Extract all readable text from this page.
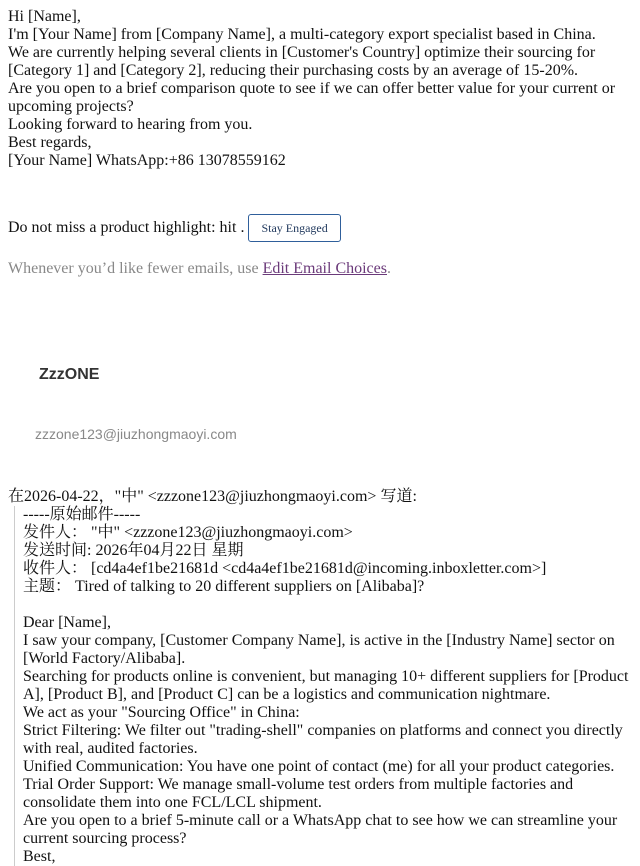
Hi [Name],

I'm [Your Name] from [Company Name], a multi-category export specialist based in China.

We are currently helping several clients in [Customer's Country] optimize their sourcing for [Category 1] and [Category 2], reducing their purchasing costs by an average of 15-20%.

Are you open to a brief comparison quote to see if we can offer better value for your current or upcoming projects?

Looking forward to hearing from you.

Best regards,

[Your Name] WhatsApp:+86 13078559162

Do not miss a product highlight: hit .	Stay Engaged

Whenever you’d like fewer emails, use Edit Email Choices.

ZzzONE
zzzone123@jiuzhongmaoyi.com

在2026-04-22，"中" <zzzone123@jiuzhongmaoyi.com> 写道:

-----原始邮件-----

发件人： "中" <zzzone123@jiuzhongmaoyi.com>

发送时间: 2026年04月22日 星期

收件人： [cd4a4ef1be21681d <cd4a4ef1be21681d@incoming.inboxletter.com>]

主题： Tired of talking to 20 different suppliers on [Alibaba]?

Dear [Name],

I saw your company, [Customer Company Name], is active in the [Industry Name] sector on [World Factory/Alibaba].

Searching for products online is convenient, but managing 10+ different suppliers for [Product A], [Product B], and [Product C] can be a logistics and communication nightmare.

We act as your "Sourcing Office" in China:

Strict Filtering: We filter out "trading-shell" companies on platforms and connect you directly with real, audited factories.

Unified Communication: You have one point of contact (me) for all your product categories.

Trial Order Support: We manage small-volume test orders from multiple factories and consolidate them into one FCL/LCL shipment.

Are you open to a brief 5-minute call or a WhatsApp chat to see how we can streamline your current sourcing process?

Best,
